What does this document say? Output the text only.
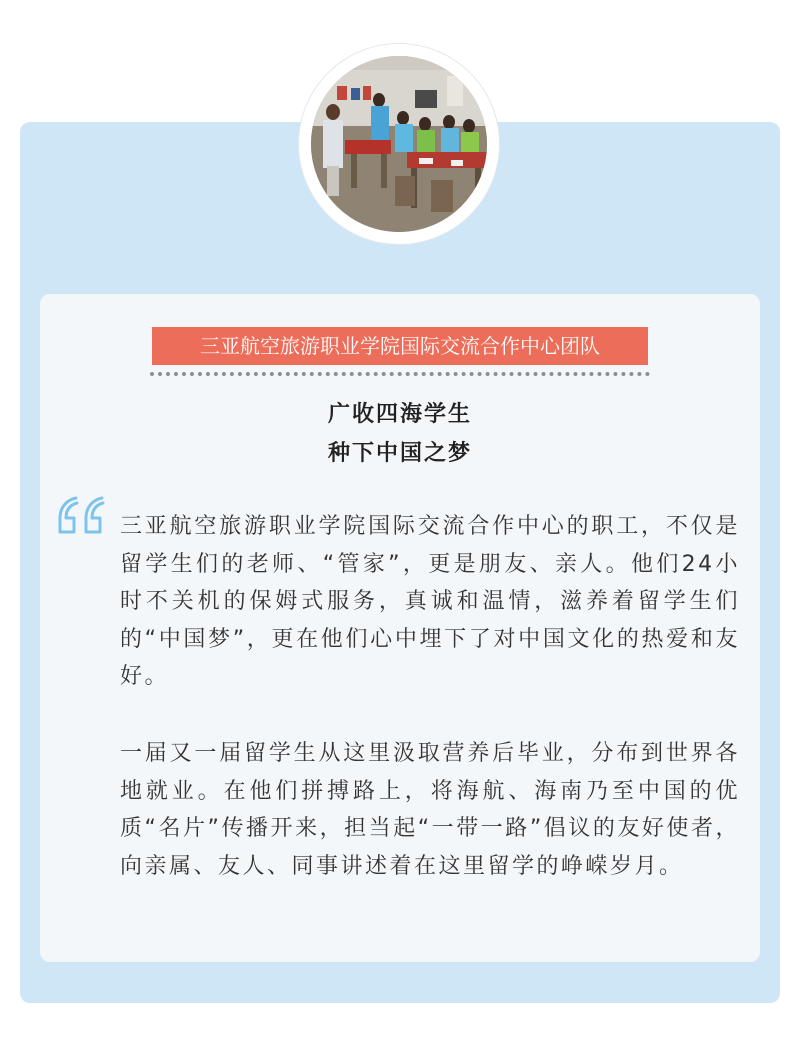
三亚航空旅游职业学院国际交流合作中心团队
广收四海学生
种下中国之梦

三亚航空旅游职业学院国际交流合作中心的职工，不仅是留学生们的老师、“管家”，更是朋友、亲人。他们24小时不关机的保姆式服务，真诚和温情，滋养着留学生们的“中国梦”，更在他们心中埋下了对中国文化的热爱和友好。

一届又一届留学生从这里汲取营养后毕业，分布到世界各地就业。在他们拼搏路上，将海航、海南乃至中国的优质“名片”传播开来，担当起“一带一路”倡议的友好使者，向亲属、友人、同事讲述着在这里留学的峥嵘岁月。
